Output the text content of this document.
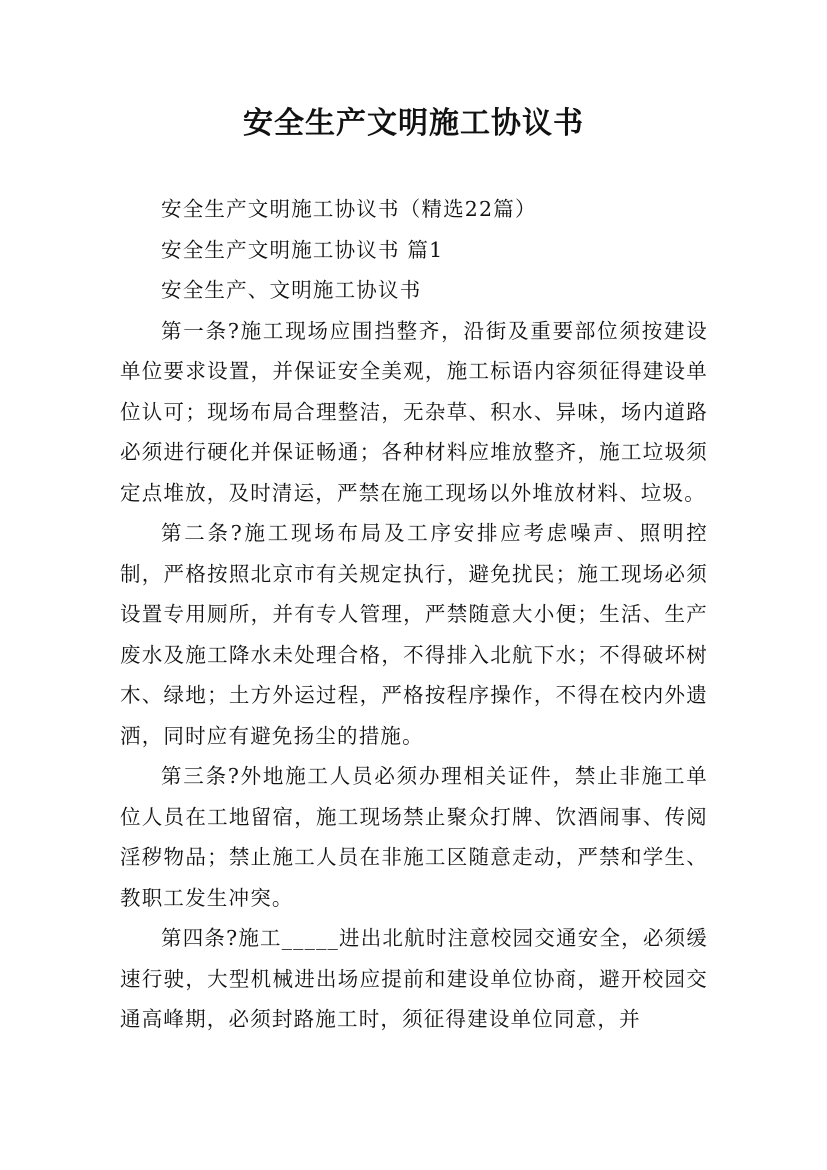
安全生产文明施工协议书

安全生产文明施工协议书（精选22篇）

安全生产文明施工协议书 篇1

安全生产、文明施工协议书

第一条?施工现场应围挡整齐，沿街及重要部位须按建设单位要求设置，并保证安全美观，施工标语内容须征得建设单位认可；现场布局合理整洁，无杂草、积水、异味，场内道路必须进行硬化并保证畅通；各种材料应堆放整齐，施工垃圾须定点堆放，及时清运，严禁在施工现场以外堆放材料、垃圾。

第二条?施工现场布局及工序安排应考虑噪声、照明控制，严格按照北京市有关规定执行，避免扰民；施工现场必须设置专用厕所，并有专人管理，严禁随意大小便；生活、生产废水及施工降水未处理合格，不得排入北航下水；不得破坏树木、绿地；土方外运过程，严格按程序操作，不得在校内外遗洒，同时应有避免扬尘的措施。

第三条?外地施工人员必须办理相关证件，禁止非施工单位人员在工地留宿，施工现场禁止聚众打牌、饮酒闹事、传阅淫秽物品；禁止施工人员在非施工区随意走动，严禁和学生、教职工发生冲突。

第四条?施工_____进出北航时注意校园交通安全，必须缓速行驶，大型机械进出场应提前和建设单位协商，避开校园交通高峰期，必须封路施工时，须征得建设单位同意，并
